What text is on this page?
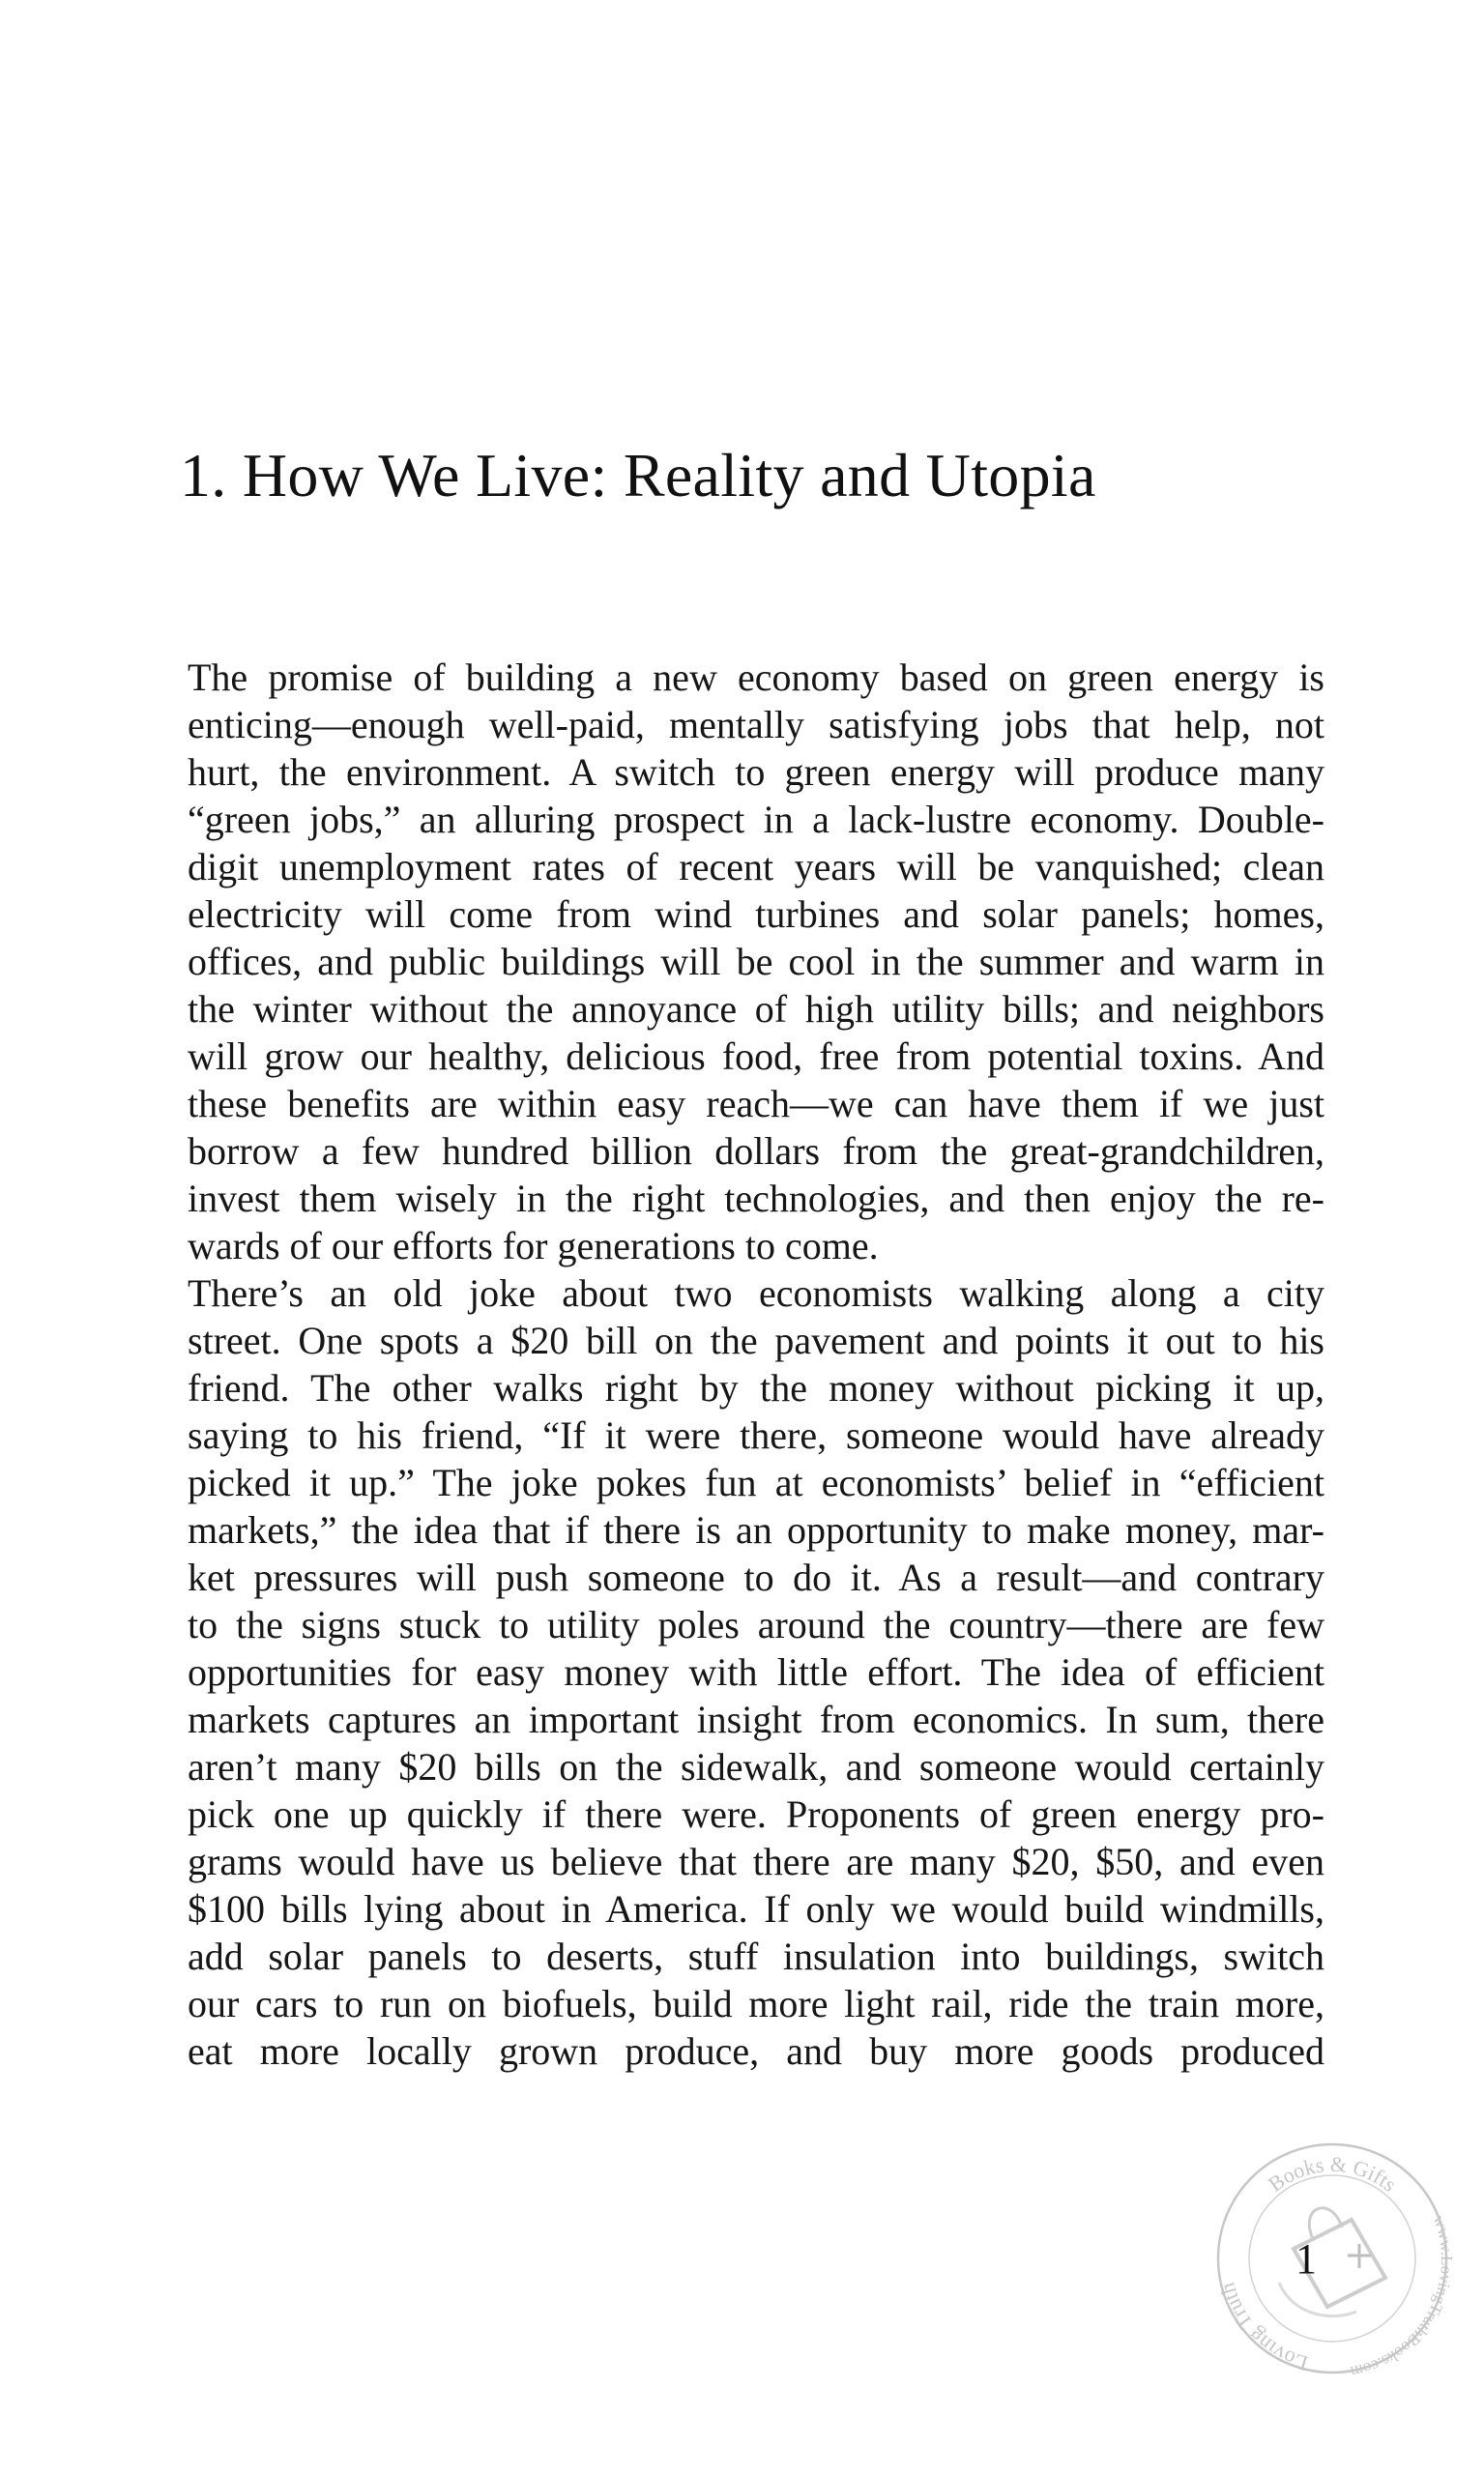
1. How We Live: Reality and Utopia
The promise of building a new economy based on green energy is
enticing—enough well-paid, mentally satisfying jobs that help, not
hurt, the environment. A switch to green energy will produce many
“green jobs,” an alluring prospect in a lack-lustre economy. Double-
digit unemployment rates of recent years will be vanquished; clean
electricity will come from wind turbines and solar panels; homes,
offices, and public buildings will be cool in the summer and warm in
the winter without the annoyance of high utility bills; and neighbors
will grow our healthy, delicious food, free from potential toxins. And
these benefits are within easy reach—we can have them if we just
borrow a few hundred billion dollars from the great-grandchildren,
invest them wisely in the right technologies, and then enjoy the re-
wards of our efforts for generations to come.
There’s an old joke about two economists walking along a city
street. One spots a $20 bill on the pavement and points it out to his
friend. The other walks right by the money without picking it up,
saying to his friend, “If it were there, someone would have already
picked it up.” The joke pokes fun at economists’ belief in “efficient
markets,” the idea that if there is an opportunity to make money, mar-
ket pressures will push someone to do it. As a result—and contrary
to the signs stuck to utility poles around the country—there are few
opportunities for easy money with little effort. The idea of efficient
markets captures an important insight from economics. In sum, there
aren’t many $20 bills on the sidewalk, and someone would certainly
pick one up quickly if there were. Proponents of green energy pro-
grams would have us believe that there are many $20, $50, and even
$100 bills lying about in America. If only we would build windmills,
add solar panels to deserts, stuff insulation into buildings, switch
our cars to run on biofuels, build more light rail, ride the train more,
eat more locally grown produce, and buy more goods produced
Books & Gifts
Loving Truth
www.LovingTruthBooks.com
1
